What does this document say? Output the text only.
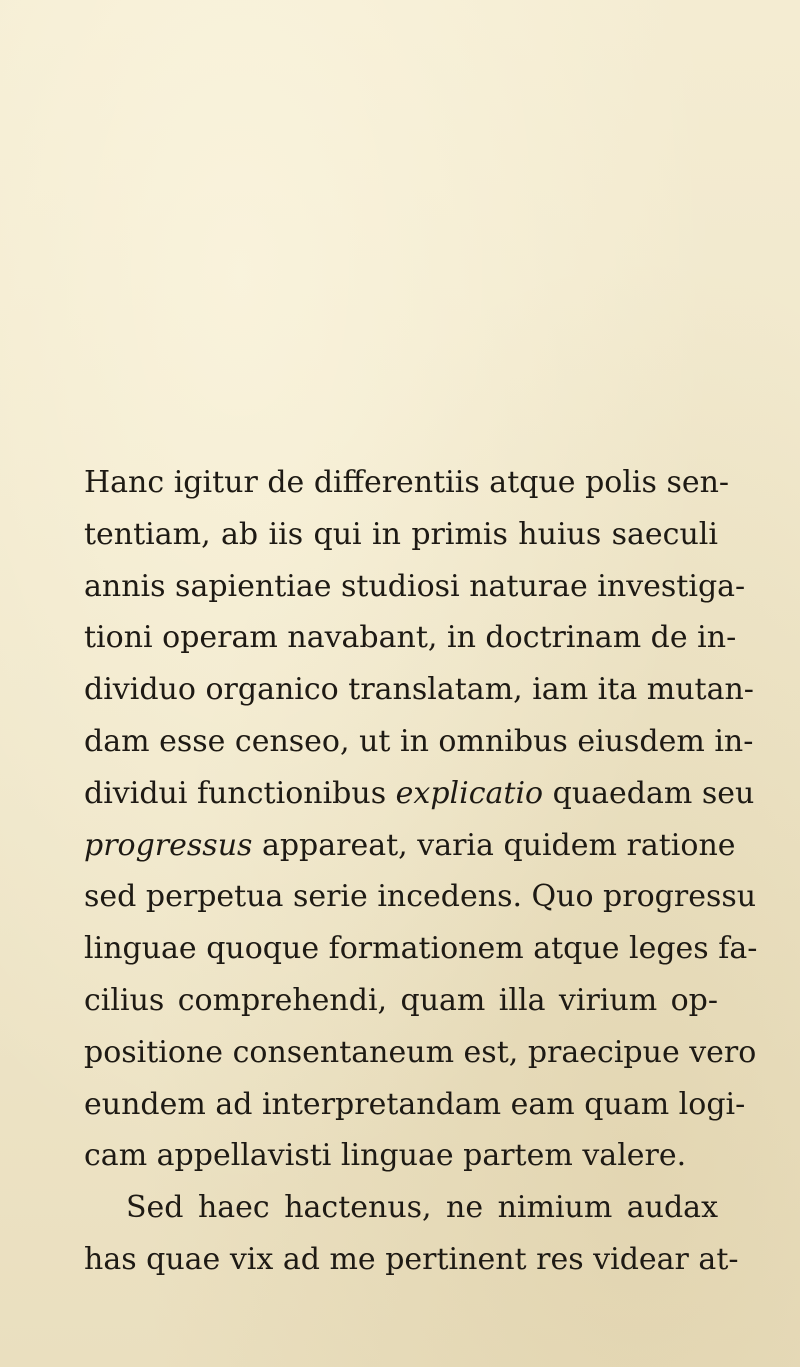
Hanc igitur de differentiis atque polis sen-
tentiam, ab iis qui in primis huius saeculi
annis sapientiae studiosi naturae investiga-
tioni operam navabant, in doctrinam de in-
dividuo organico translatam, iam ita mutan-
dam esse censeo, ut in omnibus eiusdem in-
dividui functionibus explicatio quaedam seu
progressus appareat, varia quidem ratione
sed perpetua serie incedens. Quo progressu
linguae quoque formationem atque leges fa-
cilius comprehendi, quam illa virium op-
positione consentaneum est, praecipue vero
eundem ad interpretandam eam quam logi-
cam appellavisti linguae partem valere.
Sed haec hactenus, ne nimium audax
has quae vix ad me pertinent res videar at-
